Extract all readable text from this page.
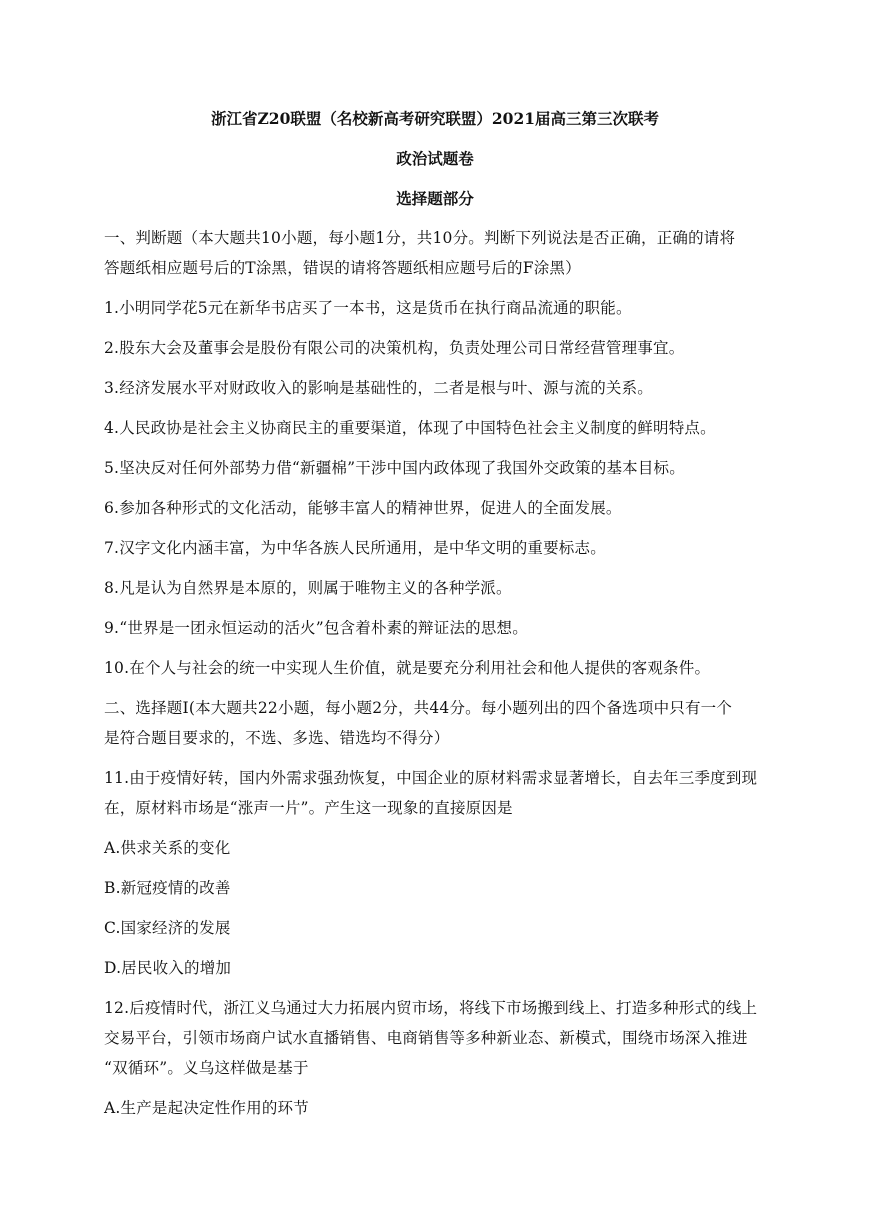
浙江省Z20联盟（名校新高考研究联盟）2021届高三第三次联考
政治试题卷
选择题部分
一、判断题（本大题共10小题，每小题1分，共10分。判断下列说法是否正确，正确的请将
答题纸相应题号后的T涂黑，错误的请将答题纸相应题号后的F涂黑）
1.小明同学花5元在新华书店买了一本书，这是货币在执行商品流通的职能。
2.股东大会及董事会是股份有限公司的决策机构，负责处理公司日常经营管理事宜。
3.经济发展水平对财政收入的影响是基础性的，二者是根与叶、源与流的关系。
4.人民政协是社会主义协商民主的重要渠道，体现了中国特色社会主义制度的鲜明特点。
5.坚决反对任何外部势力借“新疆棉”干涉中国内政体现了我国外交政策的基本目标。
6.参加各种形式的文化活动，能够丰富人的精神世界，促进人的全面发展。
7.汉字文化内涵丰富，为中华各族人民所通用，是中华文明的重要标志。
8.凡是认为自然界是本原的，则属于唯物主义的各种学派。
9.“世界是一团永恒运动的活火”包含着朴素的辩证法的思想。
10.在个人与社会的统一中实现人生价值，就是要充分利用社会和他人提供的客观条件。
二、选择题Ⅰ(本大题共22小题，每小题2分，共44分。每小题列出的四个备选项中只有一个
是符合题目要求的，不选、多选、错选均不得分）
11.由于疫情好转，国内外需求强劲恢复，中国企业的原材料需求显著增长，自去年三季度到现
在，原材料市场是“涨声一片”。产生这一现象的直接原因是
A.供求关系的变化
B.新冠疫情的改善
C.国家经济的发展
D.居民收入的增加
12.后疫情时代，浙江义乌通过大力拓展内贸市场，将线下市场搬到线上、打造多种形式的线上
交易平台，引领市场商户试水直播销售、电商销售等多种新业态、新模式，围绕市场深入推进
“双循环”。义乌这样做是基于
A.生产是起决定性作用的环节
